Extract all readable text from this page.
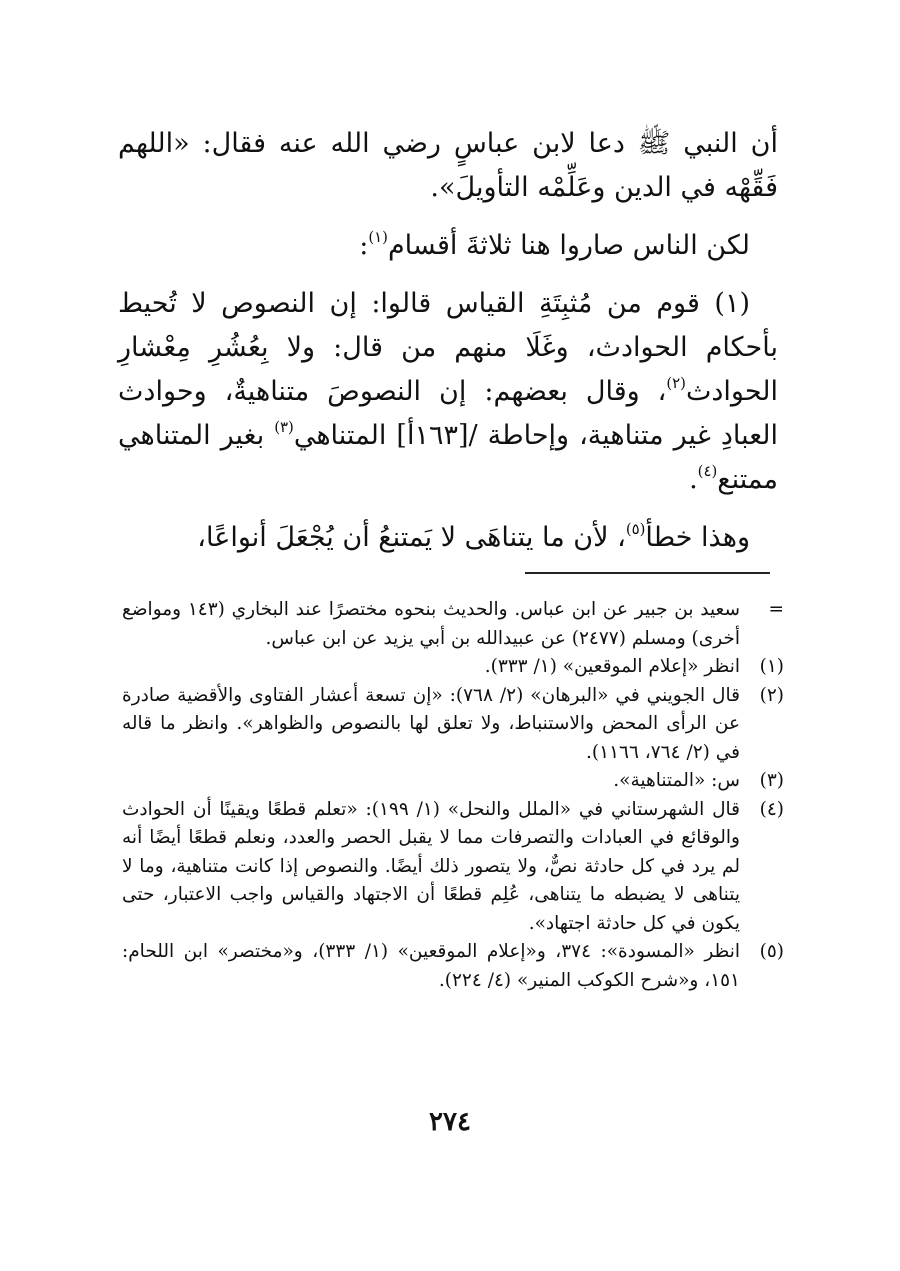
أن النبي ﷺ دعا لابن عباسٍ رضي الله عنه فقال: «اللهم فَقِّهْه في الدين وعَلِّمْه التأويلَ».

لكن الناس صاروا هنا ثلاثةَ أقسام$^{(١)}$:

(١) قوم من مُثبِتَةِ القياس قالوا: إن النصوص لا تُحيط بأحكام الحوادث، وغَلَا منهم من قال: ولا بِعُشُرِ مِعْشارِ الحوادث$^{(٢)}$، وقال بعضهم: إن النصوصَ متناهيةٌ، وحوادث العبادِ غير متناهية، وإحاطة /[١٦٣أ] المتناهي$^{(٣)}$ بغير المتناهي ممتنع$^{(٤)}$.

وهذا خطأ$^{(٥)}$، لأن ما يتناهَى لا يَمتنعُ أن يُجْعَلَ أنواعًا،

=
سعيد بن جبير عن ابن عباس. والحديث بنحوه مختصرًا عند البخاري (١٤٣ ومواضع أخرى) ومسلم (٢٤٧٧) عن عبيدالله بن أبي يزيد عن ابن عباس.
(١)
انظر «إعلام الموقعين» (١/ ٣٣٣).
(٢)
قال الجويني في «البرهان» (٢/ ٧٦٨): «إن تسعة أعشار الفتاوى والأقضية صادرة عن الرأى المحض والاستنباط، ولا تعلق لها بالنصوص والظواهر». وانظر ما قاله في (٢/ ٧٦٤، ١١٦٦).
(٣)
س: «المتناهية».
(٤)
قال الشهرستاني في «الملل والنحل» (١/ ١٩٩): «تعلم قطعًا ويقينًا أن الحوادث والوقائع في العبادات والتصرفات مما لا يقبل الحصر والعدد، ونعلم قطعًا أيضًا أنه لم يرد في كل حادثة نصٌّ، ولا يتصور ذلك أيضًا. والنصوص إذا كانت متناهية، وما لا يتناهى لا يضبطه ما يتناهى، عُلِم قطعًا أن الاجتهاد والقياس واجب الاعتبار، حتى يكون في كل حادثة اجتهاد».
(٥)
انظر «المسودة»: ٣٧٤، و«إعلام الموقعين» (١/ ٣٣٣)، و«مختصر» ابن اللحام: ١٥١، و«شرح الكوكب المنير» (٤/ ٢٢٤).
٢٧٤
